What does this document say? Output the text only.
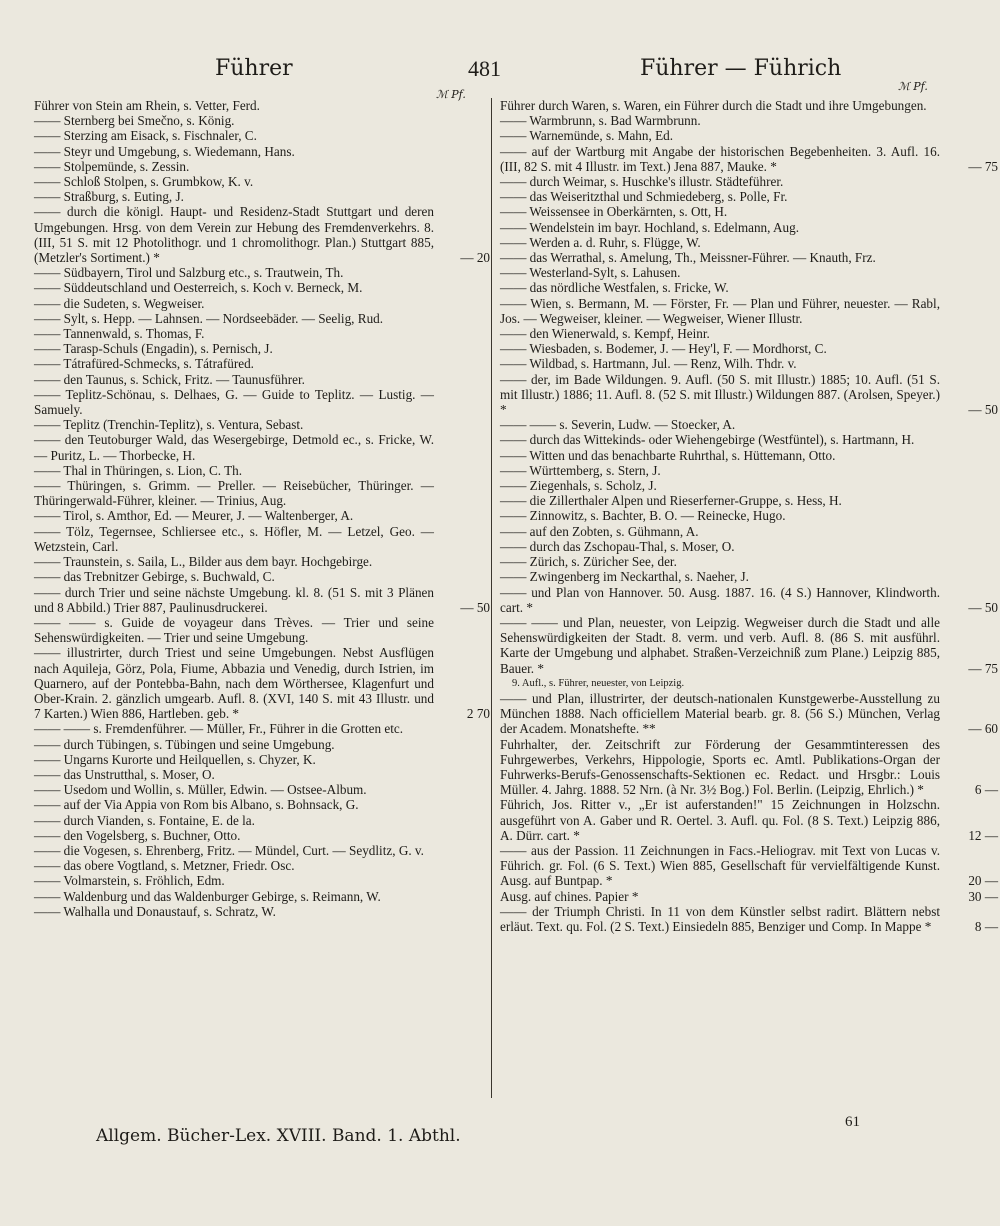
Führer	481	Führer — Führich
ℳ Pf.
ℳ Pf.
Führer von Stein am Rhein, s. Vetter, Ferd.
—— Sternberg bei Smečno, s. König.
—— Sterzing am Eisack, s. Fischnaler, C.
—— Steyr und Umgebung, s. Wiedemann, Hans.
—— Stolpemünde, s. Zessin.
—— Schloß Stolpen, s. Grumbkow, K. v.
—— Straßburg, s. Euting, J.
—— durch die königl. Haupt- und Residenz-Stadt Stuttgart und deren Umgebungen. Hrsg. von dem Verein zur Hebung des Fremdenverkehrs. 8. (III, 51 S. mit 12 Photolithogr. und 1 chromolithogr. Plan.) Stuttgart 885, (Metzler's Sortiment.) *	— 20
—— Südbayern, Tirol und Salzburg etc., s. Trautwein, Th.
—— Süddeutschland und Oesterreich, s. Koch v. Berneck, M.
—— die Sudeten, s. Wegweiser.
—— Sylt, s. Hepp. — Lahnsen. — Nordseebäder. — Seelig, Rud.
—— Tannenwald, s. Thomas, F.
—— Tarasp-Schuls (Engadin), s. Pernisch, J.
—— Tátrafüred-Schmecks, s. Tátrafüred.
—— den Taunus, s. Schick, Fritz. — Taunusführer.
—— Teplitz-Schönau, s. Delhaes, G. — Guide to Teplitz. — Lustig. — Samuely.
—— Teplitz (Trenchin-Teplitz), s. Ventura, Sebast.
—— den Teutoburger Wald, das Wesergebirge, Detmold ec., s. Fricke, W. — Puritz, L. — Thorbecke, H.
—— Thal in Thüringen, s. Lion, C. Th.
—— Thüringen, s. Grimm. — Preller. — Reisebücher, Thüringer. — Thüringerwald-Führer, kleiner. — Trinius, Aug.
—— Tirol, s. Amthor, Ed. — Meurer, J. — Waltenberger, A.
—— Tölz, Tegernsee, Schliersee etc., s. Höfler, M. — Letzel, Geo. — Wetzstein, Carl.
—— Traunstein, s. Saila, L., Bilder aus dem bayr. Hochgebirge.
—— das Trebnitzer Gebirge, s. Buchwald, C.
—— durch Trier und seine nächste Umgebung. kl. 8. (51 S. mit 3 Plänen und 8 Abbild.) Trier 887, Paulinusdruckerei.	— 50
—— —— s. Guide de voyageur dans Trèves. — Trier und seine Sehenswürdigkeiten. — Trier und seine Umgebung.
—— illustrirter, durch Triest und seine Umgebungen. Nebst Ausflügen nach Aquileja, Görz, Pola, Fiume, Abbazia und Venedig, durch Istrien, im Quarnero, auf der Pontebba-Bahn, nach dem Wörthersee, Klagenfurt und Ober-Krain. 2. gänzlich umgearb. Aufl. 8. (XVI, 140 S. mit 43 Illustr. und 7 Karten.) Wien 886, Hartleben. geb. *	2 70
—— —— s. Fremdenführer. — Müller, Fr., Führer in die Grotten etc.
—— durch Tübingen, s. Tübingen und seine Umgebung.
—— Ungarns Kurorte und Heilquellen, s. Chyzer, K.
—— das Unstrutthal, s. Moser, O.
—— Usedom und Wollin, s. Müller, Edwin. — Ostsee-Album.
—— auf der Via Appia von Rom bis Albano, s. Bohnsack, G.
—— durch Vianden, s. Fontaine, E. de la.
—— den Vogelsberg, s. Buchner, Otto.
—— die Vogesen, s. Ehrenberg, Fritz. — Mündel, Curt. — Seydlitz, G. v.
—— das obere Vogtland, s. Metzner, Friedr. Osc.
—— Volmarstein, s. Fröhlich, Edm.
—— Waldenburg und das Waldenburger Gebirge, s. Reimann, W.
—— Walhalla und Donaustauf, s. Schratz, W.
Führer durch Waren, s. Waren, ein Führer durch die Stadt und ihre Umgebungen.
—— Warmbrunn, s. Bad Warmbrunn.
—— Warnemünde, s. Mahn, Ed.
—— auf der Wartburg mit Angabe der historischen Begebenheiten. 3. Aufl. 16. (III, 82 S. mit 4 Illustr. im Text.) Jena 887, Mauke. *	— 75
—— durch Weimar, s. Huschke's illustr. Städteführer.
—— das Weiseritzthal und Schmiedeberg, s. Polle, Fr.
—— Weissensee in Oberkärnten, s. Ott, H.
—— Wendelstein im bayr. Hochland, s. Edelmann, Aug.
—— Werden a. d. Ruhr, s. Flügge, W.
—— das Werrathal, s. Amelung, Th., Meissner-Führer. — Knauth, Frz.
—— Westerland-Sylt, s. Lahusen.
—— das nördliche Westfalen, s. Fricke, W.
—— Wien, s. Bermann, M. — Förster, Fr. — Plan und Führer, neuester. — Rabl, Jos. — Wegweiser, kleiner. — Wegweiser, Wiener Illustr.
—— den Wienerwald, s. Kempf, Heinr.
—— Wiesbaden, s. Bodemer, J. — Hey'l, F. — Mordhorst, C.
—— Wildbad, s. Hartmann, Jul. — Renz, Wilh. Thdr. v.
—— der, im Bade Wildungen. 9. Aufl. (50 S. mit Illustr.) 1885; 10. Aufl. (51 S. mit Illustr.) 1886; 11. Aufl. 8. (52 S. mit Illustr.) Wildungen 887. (Arolsen, Speyer.) *	— 50
—— —— s. Severin, Ludw. — Stoecker, A.
—— durch das Wittekinds- oder Wiehengebirge (Westfüntel), s. Hartmann, H.
—— Witten und das benachbarte Ruhrthal, s. Hüttemann, Otto.
—— Württemberg, s. Stern, J.
—— Ziegenhals, s. Scholz, J.
—— die Zillerthaler Alpen und Rieserferner-Gruppe, s. Hess, H.
—— Zinnowitz, s. Bachter, B. O. — Reinecke, Hugo.
—— auf den Zobten, s. Gühmann, A.
—— durch das Zschopau-Thal, s. Moser, O.
—— Zürich, s. Züricher See, der.
—— Zwingenberg im Neckarthal, s. Naeher, J.
—— und Plan von Hannover. 50. Ausg. 1887. 16. (4 S.) Hannover, Klindworth. cart. *	— 50
—— —— und Plan, neuester, von Leipzig. Wegweiser durch die Stadt und alle Sehenswürdigkeiten der Stadt. 8. verm. und verb. Aufl. 8. (86 S. mit ausführl. Karte der Umgebung und alphabet. Straßen-Verzeichniß zum Plane.) Leipzig 885, Bauer. *	— 75
9. Aufl., s. Führer, neuester, von Leipzig.
—— und Plan, illustrirter, der deutsch-nationalen Kunstgewerbe-Ausstellung zu München 1888. Nach officiellem Material bearb. gr. 8. (56 S.) München, Verlag der Academ. Monatshefte. **	— 60
Fuhrhalter, der. Zeitschrift zur Förderung der Gesammtinteressen des Fuhrgewerbes, Verkehrs, Hippologie, Sports ec. Amtl. Publikations-Organ der Fuhrwerks-Berufs-Genossenschafts-Sektionen ec. Redact. und Hrsgbr.: Louis Müller. 4. Jahrg. 1888. 52 Nrn. (à Nr. 3½ Bog.) Fol. Berlin. (Leipzig, Ehrlich.) *	6 —
Führich, Jos. Ritter v., „Er ist auferstanden!" 15 Zeichnungen in Holzschn. ausgeführt von A. Gaber und R. Oertel. 3. Aufl. qu. Fol. (8 S. Text.) Leipzig 886, A. Dürr. cart. *	12 —
—— aus der Passion. 11 Zeichnungen in Facs.-Heliograv. mit Text von Lucas v. Führich. gr. Fol. (6 S. Text.) Wien 885, Gesellschaft für vervielfältigende Kunst. Ausg. auf Buntpap. *	20 —
Ausg. auf chines. Papier *	30 —
—— der Triumph Christi. In 11 von dem Künstler selbst radirt. Blättern nebst erläut. Text. qu. Fol. (2 S. Text.) Einsiedeln 885, Benziger und Comp. In Mappe *	8 —
Allgem. Bücher-Lex. XVIII. Band. 1. Abthl.
61
